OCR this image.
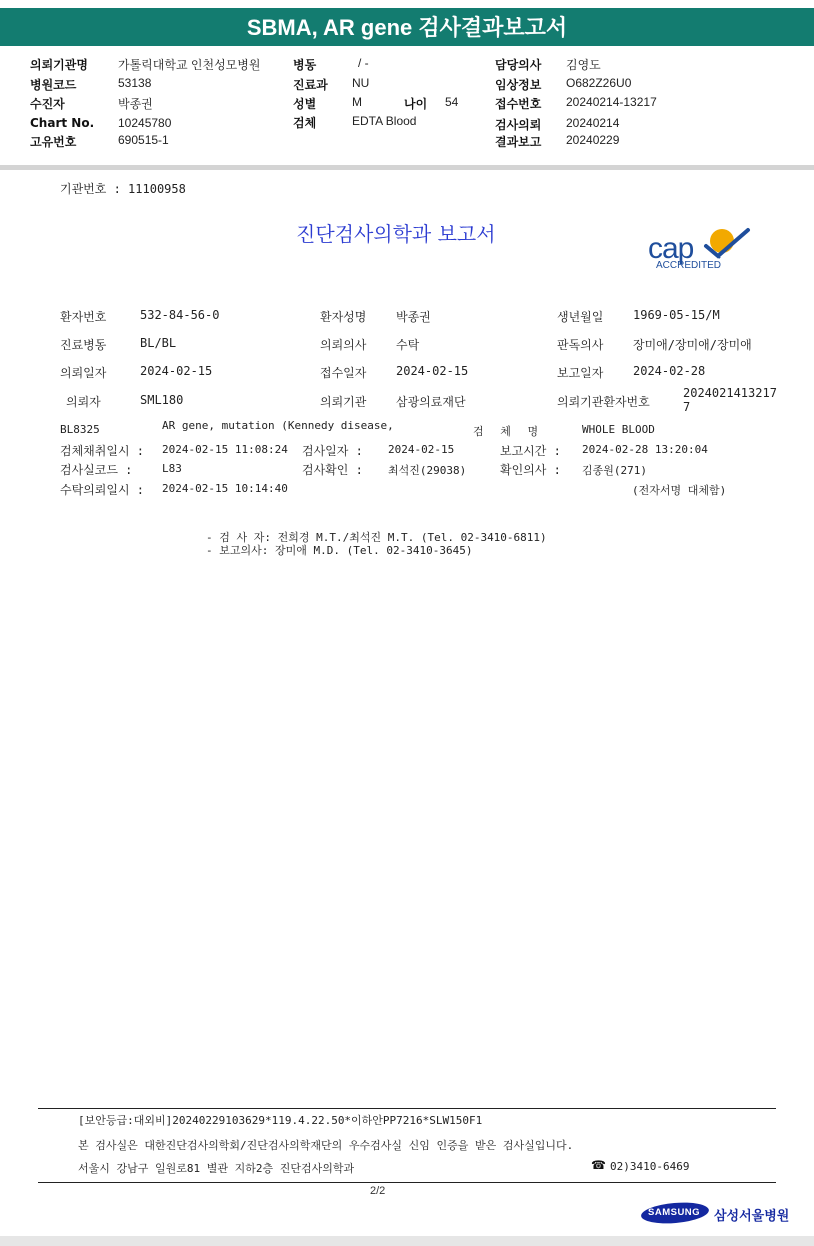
SBMA, AR gene 검사결과보고서
의뢰기관명	가톨릭대학교 인천성모병원
병원코드	53138
수진자	박종권
Chart No. 10245780
고유번호	690515-1
병동	/ -
진료과 NU
성별	M	나이 54
검체	EDTA Blood
담당의사 김영도
임상정보 O682Z26U0
접수번호 20240214-13217
검사의뢰 20240214
결과보고 20240229
기관번호 : 11100958
진단검사의학과 보고서	cap
ACCREDITED
환자번호	532-84-56-0	환자성명 박종권	생년월일 1969-05-15/M
진료병동	BL/BL	의뢰의사 수탁	판독의사 장미애/장미애/장미애
의뢰일자	2024-02-15	접수일자 2024-02-15	보고일자 2024-02-28
의뢰자	SML180	의뢰기관 삼광의료재단	의뢰기관환자번호
20240214132177
BL8325	AR gene, mutation (Kennedy disease,	검 체 명	WHOLE BLOOD
검체채취일시 : 2024-02-15 11:08:24 검사일자 : 2024-02-15	보고시간 : 2024-02-28 13:20:04
검사실코드 :	L83	검사확인 : 최석진(29038)	확인의사 : 김종원(271)
수탁의뢰일시 : 2024-02-15 10:14:40	(전자서명 대체함)
- 검 사 자: 전희경 M.T./최석진 M.T. (Tel. 02-3410-6811)
- 보고의사: 장미애 M.D. (Tel. 02-3410-3645)
[보안등급:대외비]20240229103629*119.4.22.50*이하안PP7216*SLW150F1
본 검사실은 대한진단검사의학회/진단검사의학재단의 우수검사실 신임 인증을 받은 검사실입니다.
서울시 강남구 일원로81 별관 지하2층 진단검사의학과	☎ 02)3410-6469
2/2
SAMSUNG 삼성서울병원
